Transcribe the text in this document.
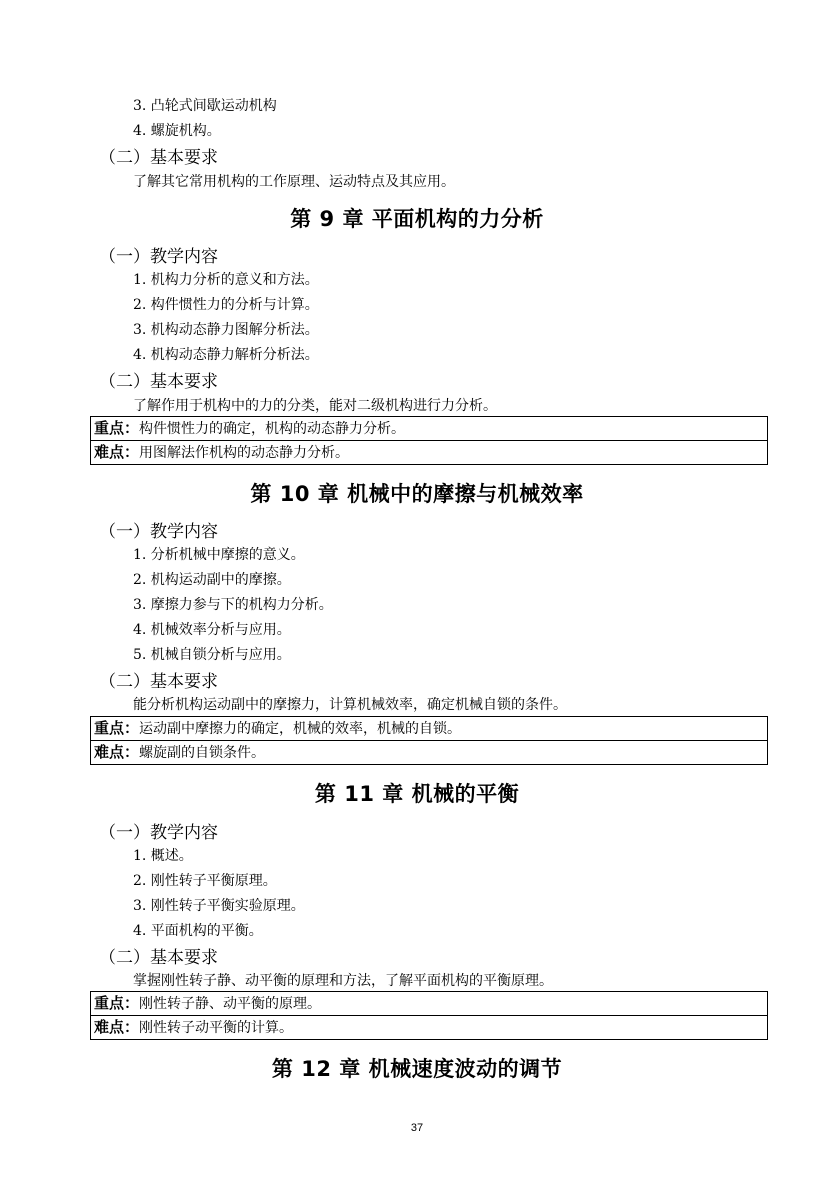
3. 凸轮式间歇运动机构
4. 螺旋机构。
（二）基本要求
了解其它常用机构的工作原理、运动特点及其应用。
第 9 章 平面机构的力分析
（一）教学内容
1. 机构力分析的意义和方法。
2. 构件惯性力的分析与计算。
3. 机构动态静力图解分析法。
4. 机构动态静力解析分析法。
（二）基本要求
了解作用于机构中的力的分类，能对二级机构进行力分析。
重点：构件惯性力的确定，机构的动态静力分析。
难点：用图解法作机构的动态静力分析。
第 10 章 机械中的摩擦与机械效率
（一）教学内容
1. 分析机械中摩擦的意义。
2. 机构运动副中的摩擦。
3. 摩擦力参与下的机构力分析。
4. 机械效率分析与应用。
5. 机械自锁分析与应用。
（二）基本要求
能分析机构运动副中的摩擦力，计算机械效率，确定机械自锁的条件。
重点：运动副中摩擦力的确定，机械的效率，机械的自锁。
难点：螺旋副的自锁条件。
第 11 章 机械的平衡
（一）教学内容
1. 概述。
2. 刚性转子平衡原理。
3. 刚性转子平衡实验原理。
4. 平面机构的平衡。
（二）基本要求
掌握刚性转子静、动平衡的原理和方法，了解平面机构的平衡原理。
重点：刚性转子静、动平衡的原理。
难点：刚性转子动平衡的计算。
第 12 章 机械速度波动的调节
37
